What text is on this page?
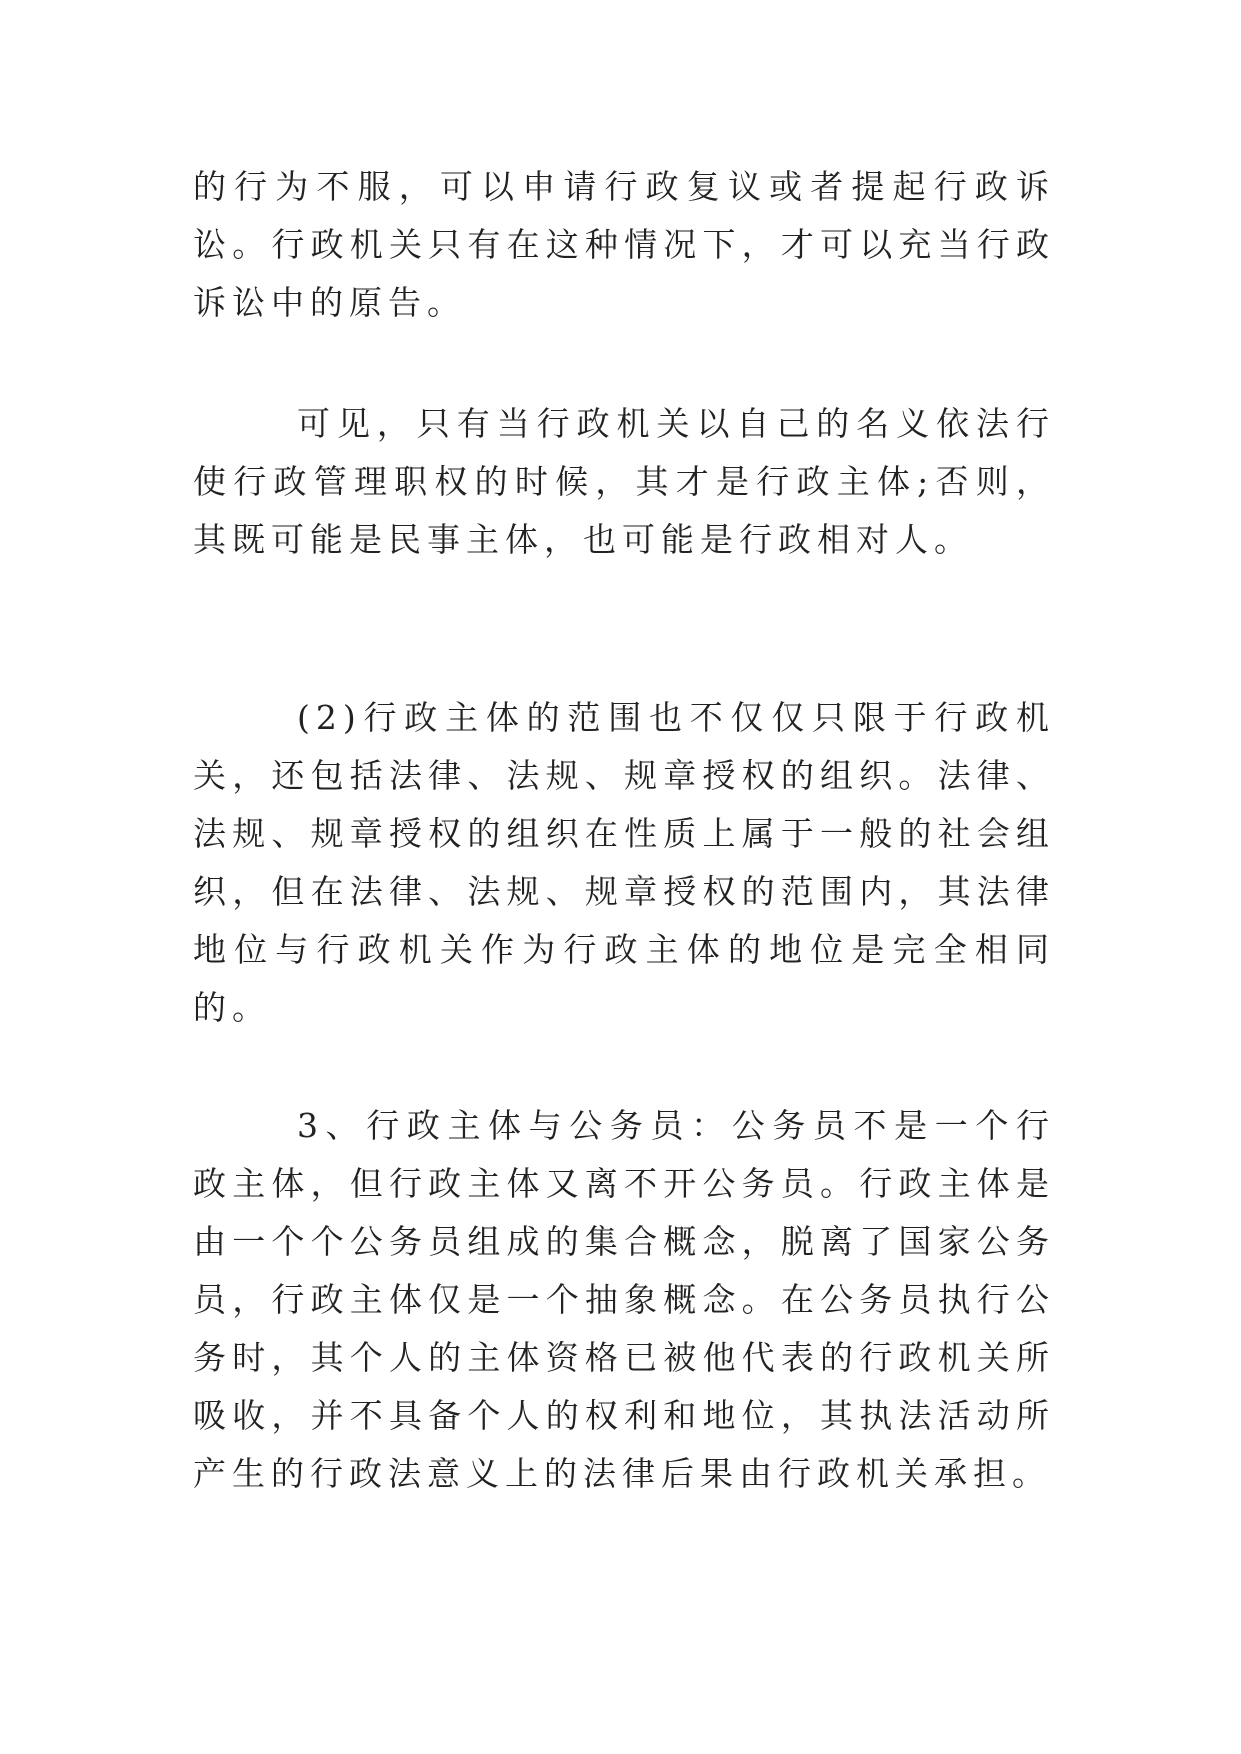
的行为不服，可以申请行政复议或者提起行政诉讼。行政机关只有在这种情况下，才可以充当行政诉讼中的原告。

可见，只有当行政机关以自己的名义依法行使行政管理职权的时候，其才是行政主体;否则，其既可能是民事主体，也可能是行政相对人。

(2)行政主体的范围也不仅仅只限于行政机关，还包括法律、法规、规章授权的组织。法律、法规、规章授权的组织在性质上属于一般的社会组织，但在法律、法规、规章授权的范围内，其法律地位与行政机关作为行政主体的地位是完全相同的。

3、行政主体与公务员：公务员不是一个行政主体，但行政主体又离不开公务员。行政主体是由一个个公务员组成的集合概念，脱离了国家公务员，行政主体仅是一个抽象概念。在公务员执行公务时，其个人的主体资格已被他代表的行政机关所吸收，并不具备个人的权利和地位，其执法活动所产生的行政法意义上的法律后果由行政机关承担。
